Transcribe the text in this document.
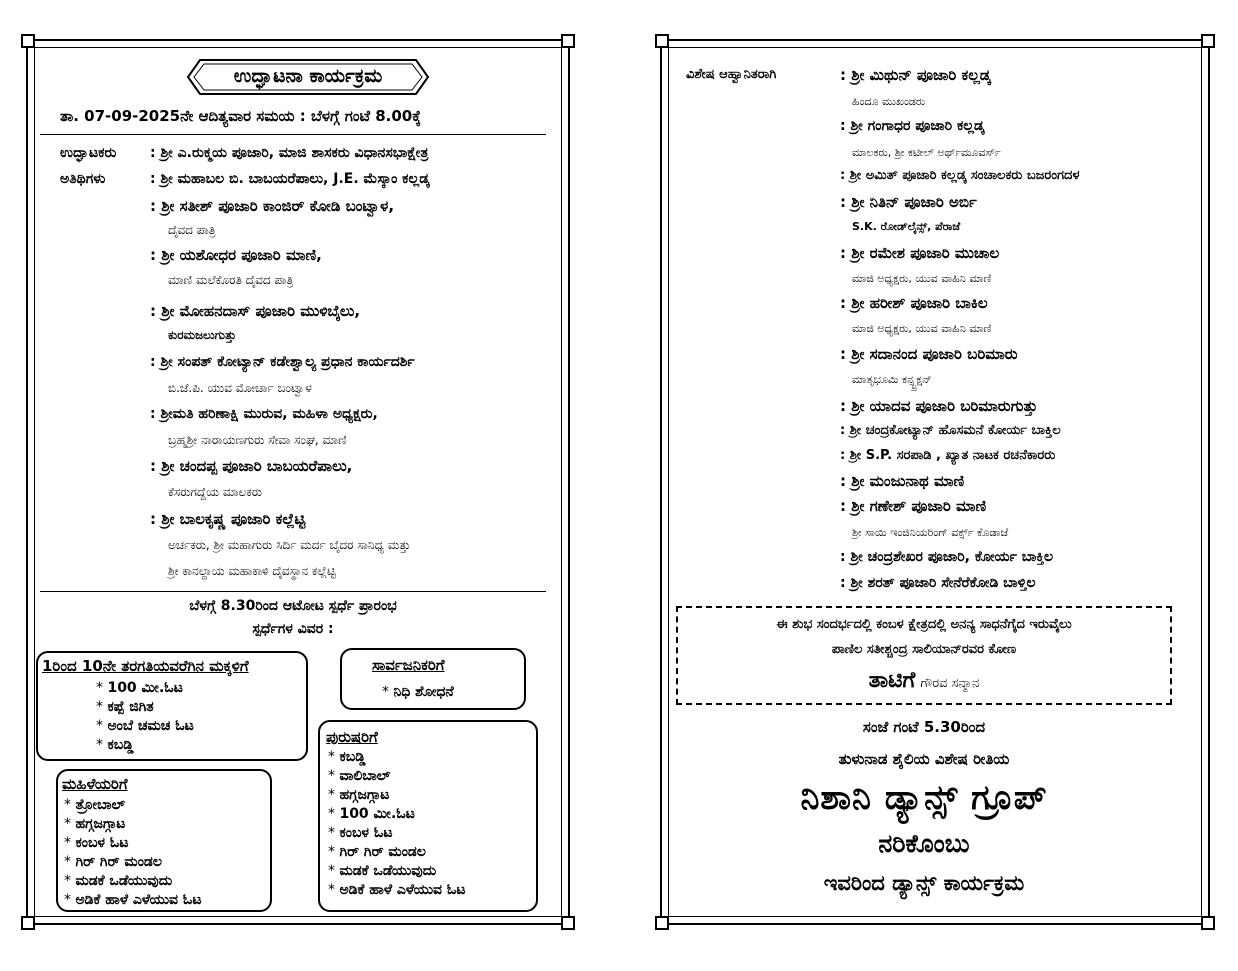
ಉದ್ಘಾಟನಾ ಕಾರ್ಯಕ್ರಮ
ತಾ. 07-09-2025ನೇ ಆದಿತ್ಯವಾರ ಸಮಯ : ಬೆಳಗ್ಗೆ ಗಂಟೆ 8.00ಕ್ಕೆ
ಉದ್ಘಾಟಕರು : ಶ್ರೀ ಎ.ರುಕ್ಮಯ ಪೂಜಾರಿ, ಮಾಜಿ ಶಾಸಕರು ವಿಧಾನಸಭಾಕ್ಷೇತ್ರ
ಅತಿಥಿಗಳು	: ಶ್ರೀ ಮಹಾಬಲ ಬಿ. ಬಾಬಯರೆಪಾಲು, J.E. ಮೆಸ್ಕಾಂ ಕಲ್ಲಡ್ಕ
: ಶ್ರೀ ಸತೀಶ್ ಪೂಜಾರಿ ಕಾಂಜಿರ್ ಕೋಡಿ ಬಂಟ್ವಾಳ,
ದೈವದ ಪಾತ್ರಿ
: ಶ್ರೀ ಯಶೋಧರ ಪೂಜಾರಿ ಮಾಣಿ,
ಮಾಣಿ ಮಲೆಕೊರತಿ ದೈವದ ಪಾತ್ರಿ
: ಶ್ರೀ ಮೋಹನದಾಸ್ ಪೂಜಾರಿ ಮುಳಿಬೈಲು,
ಕುರಮಜಲುಗುತ್ತು
: ಶ್ರೀ ಸಂಪತ್ ಕೋಟ್ಯಾನ್ ಕಡೇಶ್ವಾಲ್ಯ ಪ್ರಧಾನ ಕಾರ್ಯದರ್ಶಿ
ಬಿ.ಜೆ.ಪಿ. ಯುವ ಮೋರ್ಚಾ ಬಂಟ್ವಾಳ
: ಶ್ರೀಮತಿ ಹರಿಣಾಕ್ಷಿ ಮುರುವ, ಮಹಿಳಾ ಅಧ್ಯಕ್ಷರು,
ಬ್ರಹ್ಮಶ್ರೀ ನಾರಾಯಣಗುರು ಸೇವಾ ಸಂಘ, ಮಾಣಿ
: ಶ್ರೀ ಚಂದಪ್ಪ ಪೂಜಾರಿ ಬಾಬಯರೆಪಾಲು,
ಕೆಸರುಗದ್ದೆಯ ಮಾಲಕರು
: ಶ್ರೀ ಬಾಲಕೃಷ್ಣ ಪೂಜಾರಿ ಕಲ್ಲೆಟ್ಟಿ
ಅರ್ಚಕರು, ಶ್ರೀ ಮಹಾಗುರು ಸಿರ್ದಿ ಮರ್ದ ಬೈದರ ಸಾನಿಧ್ಯ ಮತ್ತು
ಶ್ರೀ ಕಾನಲ್ದಾಯ ಮಹಾಕಾಳಿ ದೈವಸ್ಥಾನ ಕಲ್ಲೆಟ್ಟಿ
ಬೆಳಗ್ಗೆ 8.30ರಿಂದ ಆಟೋಟ ಸ್ಪರ್ಧೆ ಪ್ರಾರಂಭ
ಸ್ಪರ್ಧೆಗಳ ವಿವರ :
1ರಿಂದ 10ನೇ ತರಗತಿಯವರೆಗಿನ ಮಕ್ಕಳಿಗೆ
* 100 ಮೀ.ಓಟ
* ಕಪ್ಪೆ ಜಿಗಿತ
* ಅಂಬೆ ಚಮಚ ಓಟ
* ಕಬಡ್ಡಿ
ಸಾರ್ವಜನಿಕರಿಗೆ
* ನಿಧಿ ಶೋಧನೆ
ಪುರುಷರಿಗೆ
* ಕಬಡ್ಡಿ
* ವಾಲಿಬಾಲ್
* ಹಗ್ಗಜಗ್ಗಾಟ
* 100 ಮೀ.ಓಟ
* ಕಂಬಳ ಓಟ
* ಗಿರ್ ಗಿರ್ ಮಂಡಲ
* ಮಡಕೆ ಒಡೆಯುವುದು
* ಅಡಿಕೆ ಹಾಳೆ ಎಳೆಯುವ ಓಟ
ಮಹಿಳೆಯರಿಗೆ
* ತ್ರೋಬಾಲ್
* ಹಗ್ಗಜಗ್ಗಾಟ
* ಕಂಬಳ ಓಟ
* ಗಿರ್ ಗಿರ್ ಮಂಡಲ
* ಮಡಕೆ ಒಡೆಯುವುದು
* ಅಡಿಕೆ ಹಾಳೆ ಎಳೆಯುವ ಓಟ
ವಿಶೇಷ ಆಹ್ವಾನಿತರಾಗಿ	: ಶ್ರೀ ಮಿಥುನ್ ಪೂಜಾರಿ ಕಲ್ಲಡ್ಕ
ಹಿಂದೂ ಮುಖಂಡರು
: ಶ್ರೀ ಗಂಗಾಧರ ಪೂಜಾರಿ ಕಲ್ಲಡ್ಕ
ಮಾಲಕರು, ಶ್ರೀ ಕಟೀಲ್ ಅರ್ಥ್‌ಮೂವರ್ಸ್
: ಶ್ರೀ ಅಮಿತ್ ಪೂಜಾರಿ ಕಲ್ಲಡ್ಕ ಸಂಚಾಲಕರು ಬಜರಂಗದಳ
: ಶ್ರೀ ನಿತಿನ್ ಪೂಜಾರಿ ಅರ್ಬಿ
S.K. ರೋಡ್‌ಲೈನ್ಸ್, ಪೆರಾಜೆ
: ಶ್ರೀ ರಮೇಶ ಪೂಜಾರಿ ಮುಚಾಲ
ಮಾಜಿ ಅಧ್ಯಕ್ಷರು, ಯುವ ವಾಹಿನಿ ಮಾಣಿ
: ಶ್ರೀ ಹರೀಶ್ ಪೂಜಾರಿ ಬಾಕಿಲ
ಮಾಜಿ ಅಧ್ಯಕ್ಷರು, ಯುವ ವಾಹಿನಿ ಮಾಣಿ
: ಶ್ರೀ ಸದಾನಂದ ಪೂಜಾರಿ ಬರಿಮಾರು
ಮಾತೃಭೂಮಿ ಕನ್ಸ್ಟ್ರಕ್ಷನ್
: ಶ್ರೀ ಯಾದವ ಪೂಜಾರಿ ಬರಿಮಾರುಗುತ್ತು
: ಶ್ರೀ ಚಂದ್ರಕೋಟ್ಯಾನ್ ಹೊಸಮನೆ ಕೋರ್ಯ ಬಾಕ್ತಿಲ
: ಶ್ರೀ S.P. ಸರಪಾಡಿ , ಖ್ಯಾತ ನಾಟಕ ರಚನೆಕಾರರು
: ಶ್ರೀ ಮಂಜುನಾಥ ಮಾಣಿ
: ಶ್ರೀ ಗಣೇಶ್ ಪೂಜಾರಿ ಮಾಣಿ
ಶ್ರೀ ಸಾಯಿ ಇಂಜಿನಿಯರಿಂಗ್ ವರ್ಕ್ಸ್ ಕೊಡಾಜೆ
: ಶ್ರೀ ಚಂದ್ರಶೇಖರ ಪೂಜಾರಿ, ಕೋರ್ಯ ಬಾಕ್ತಿಲ
: ಶ್ರೀ ಶರತ್ ಪೂಜಾರಿ ಸೇನೆರೆಕೋಡಿ ಬಾಳ್ತಿಲ
ಈ ಶುಭ ಸಂದರ್ಭದಲ್ಲಿ ಕಂಬಳ ಕ್ಷೇತ್ರದಲ್ಲಿ ಅನನ್ಯ ಸಾಧನೆಗೈದ ಇರುವೈಲು
ಪಾಣಿಲ ಸತೀಶ್ಚಂದ್ರ ಸಾಲಿಯಾನ್‌ರವರ ಕೋಣ
ತಾಟಿಗೆ ಗೌರವ ಸನ್ಮಾನ
ಸಂಜೆ ಗಂಟೆ 5.30ರಿಂದ
ತುಳುನಾಡ ಶೈಲಿಯ ವಿಶೇಷ ರೀತಿಯ
ನಿಶಾನಿ ಡ್ಯಾನ್ಸ್ ಗ್ರೂಪ್
ನರಿಕೊಂಬು
ಇವರಿಂದ ಡ್ಯಾನ್ಸ್ ಕಾರ್ಯಕ್ರಮ
